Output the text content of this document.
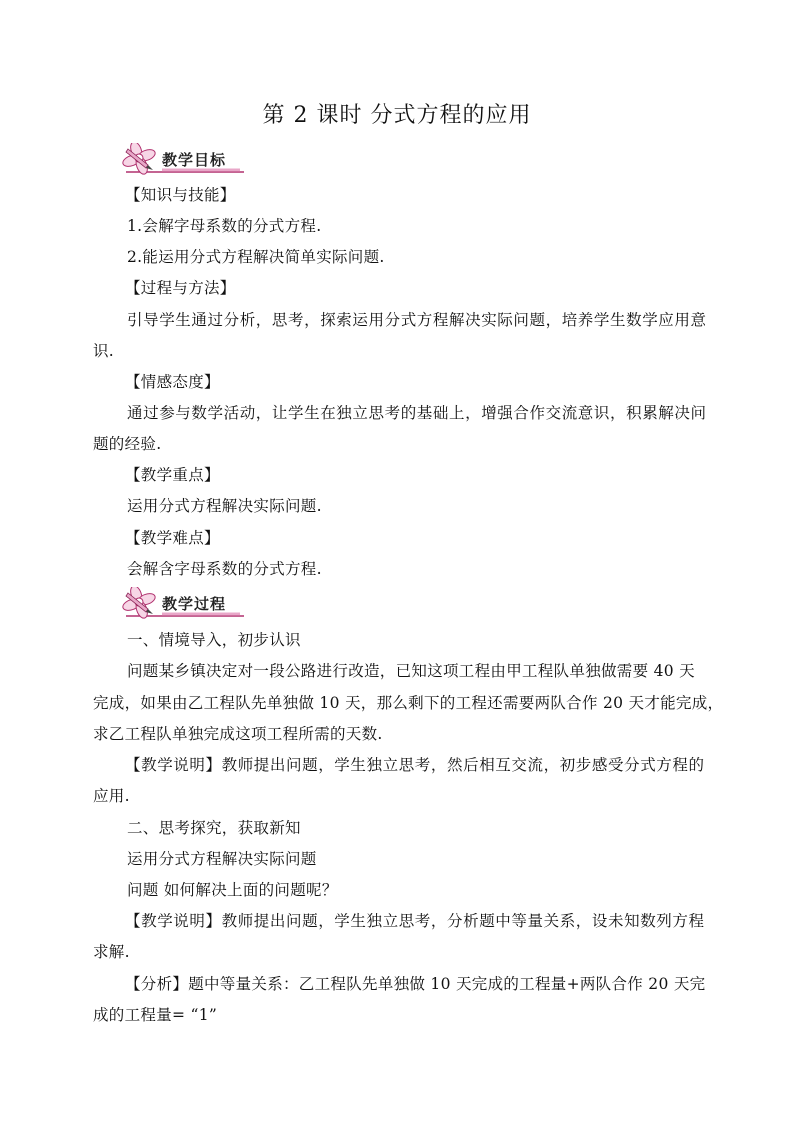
第 2 课时 分式方程的应用
教学目标
【知识与技能】
1.会解字母系数的分式方程.
2.能运用分式方程解决简单实际问题.
【过程与方法】
引导学生通过分析，思考，探索运用分式方程解决实际问题，培养学生数学应用意
识.
【情感态度】
通过参与数学活动，让学生在独立思考的基础上，增强合作交流意识，积累解决问
题的经验.
【教学重点】
运用分式方程解决实际问题.
【教学难点】
会解含字母系数的分式方程.
教学过程
一、情境导入，初步认识
问题某乡镇决定对一段公路进行改造，已知这项工程由甲工程队单独做需要 40 天
完成，如果由乙工程队先单独做 10 天，那么剩下的工程还需要两队合作 20 天才能完成，
求乙工程队单独完成这项工程所需的天数.
【教学说明】教师提出问题，学生独立思考，然后相互交流，初步感受分式方程的
应用.
二、思考探究，获取新知
运用分式方程解决实际问题
问题 如何解决上面的问题呢？
【教学说明】教师提出问题，学生独立思考，分析题中等量关系，设未知数列方程
求解.
【分析】题中等量关系：乙工程队先单独做 10 天完成的工程量+两队合作 20 天完
成的工程量= “1”
